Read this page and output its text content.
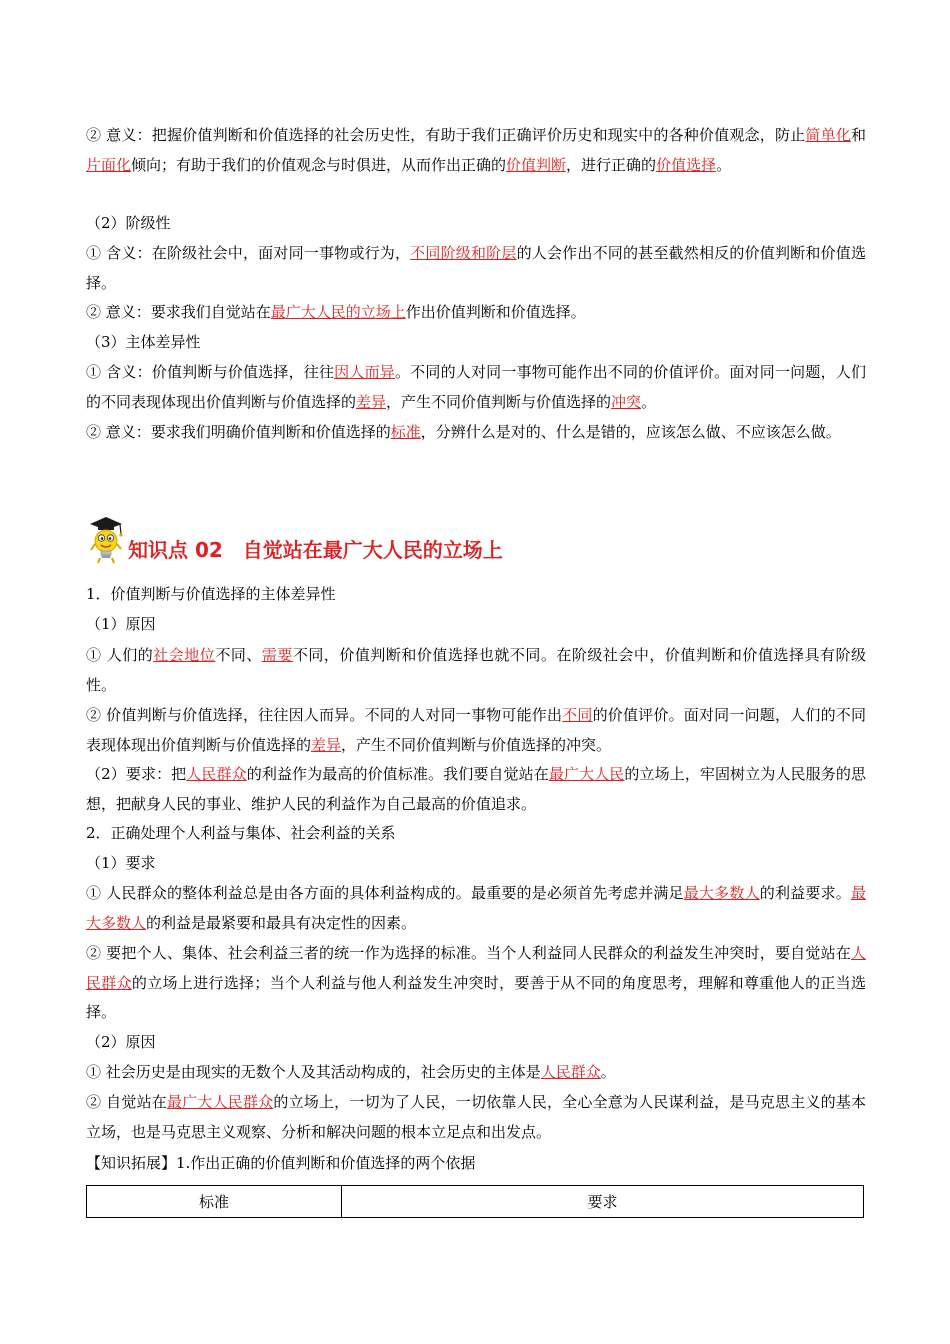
② 意义：把握价值判断和价值选择的社会历史性，有助于我们正确评价历史和现实中的各种价值观念，防止简单化和片面化倾向；有助于我们的价值观念与时俱进，从而作出正确的价值判断，进行正确的价值选择。

（2）阶级性

① 含义：在阶级社会中，面对同一事物或行为，不同阶级和阶层的人会作出不同的甚至截然相反的价值判断和价值选择。

② 意义：要求我们自觉站在最广大人民的立场上作出价值判断和价值选择。

（3）主体差异性

① 含义：价值判断与价值选择，往往因人而异。不同的人对同一事物可能作出不同的价值评价。面对同一问题，人们的不同表现体现出价值判断与价值选择的差异，产生不同价值判断与价值选择的冲突。

② 意义：要求我们明确价值判断和价值选择的标准，分辨什么是对的、什么是错的，应该怎么做、不应该怎么做。

知识点 02　自觉站在最广大人民的立场上

1．价值判断与价值选择的主体差异性

（1）原因

① 人们的社会地位不同、需要不同，价值判断和价值选择也就不同。在阶级社会中，价值判断和价值选择具有阶级性。

② 价值判断与价值选择，往往因人而异。不同的人对同一事物可能作出不同的价值评价。面对同一问题，人们的不同表现体现出价值判断与价值选择的差异，产生不同价值判断与价值选择的冲突。

（2）要求：把人民群众的利益作为最高的价值标准。我们要自觉站在最广大人民的立场上，牢固树立为人民服务的思想，把献身人民的事业、维护人民的利益作为自己最高的价值追求。

2．正确处理个人利益与集体、社会利益的关系

（1）要求

① 人民群众的整体利益总是由各方面的具体利益构成的。最重要的是必须首先考虑并满足最大多数人的利益要求。最大多数人的利益是最紧要和最具有决定性的因素。

② 要把个人、集体、社会利益三者的统一作为选择的标准。当个人利益同人民群众的利益发生冲突时，要自觉站在人民群众的立场上进行选择；当个人利益与他人利益发生冲突时，要善于从不同的角度思考，理解和尊重他人的正当选择。

（2）原因

① 社会历史是由现实的无数个人及其活动构成的，社会历史的主体是人民群众。

② 自觉站在最广大人民群众的立场上，一切为了人民，一切依靠人民，全心全意为人民谋利益，是马克思主义的基本立场，也是马克思主义观察、分析和解决问题的根本立足点和出发点。

【知识拓展】1.作出正确的价值判断和价值选择的两个依据

标准	要求
